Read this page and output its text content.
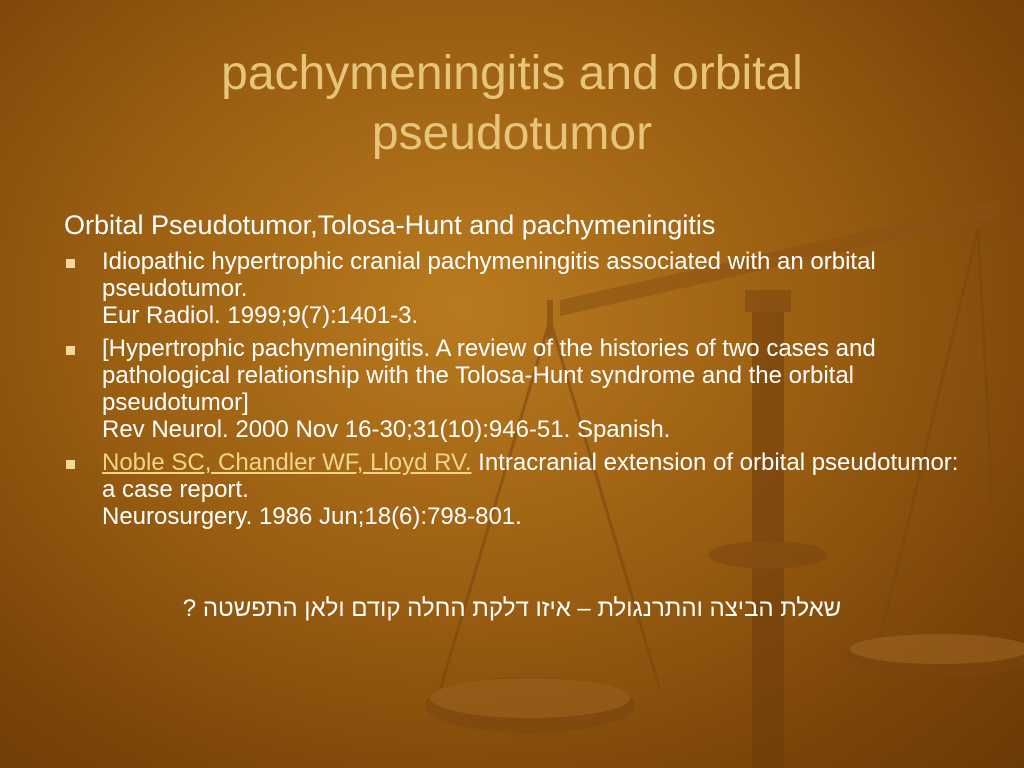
pachymeningitis and orbital
pseudotumor
Orbital Pseudotumor,Tolosa-Hunt and pachymeningitis
Idiopathic hypertrophic cranial pachymeningitis associated with an orbital pseudotumor.
Eur Radiol. 1999;9(7):1401-3.
[Hypertrophic pachymeningitis. A review of the histories of two cases and pathological relationship with the Tolosa-Hunt syndrome and the orbital pseudotumor]
Rev Neurol. 2000 Nov 16-30;31(10):946-51. Spanish.
Noble SC, Chandler WF, Lloyd RV. Intracranial extension of orbital pseudotumor: a case report.
Neurosurgery. 1986 Jun;18(6):798-801.
שאלת הביצה והתרנגולת – איזו דלקת החלה קודם ולאן התפשטה ?
